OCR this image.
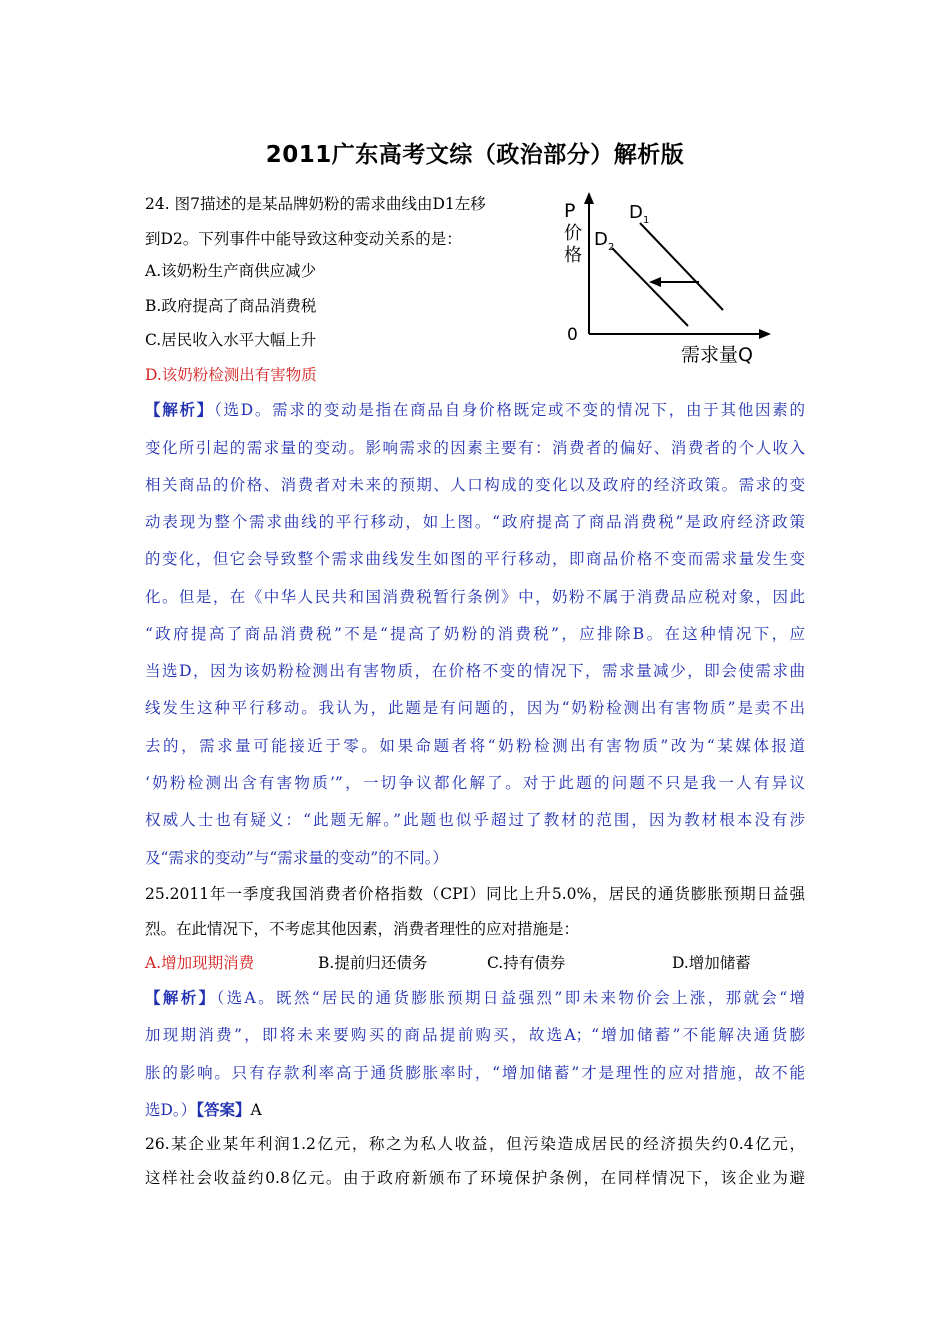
2011广东高考文综（政治部分）解析版
24. 图7描述的是某品牌奶粉的需求曲线由D1左移
到D2。下列事件中能导致这种变动关系的是：
A.该奶粉生产商供应减少
B.政府提高了商品消费税
C.居民收入水平大幅上升
D.该奶粉检测出有害物质
P
价
格
0
需求量Q
D 1
D 2
【解析】（选D。需求的变动是指在商品自身价格既定或不变的情况下，由于其他因素的
变化所引起的需求量的变动。影响需求的因素主要有：消费者的偏好、消费者的个人收入
相关商品的价格、消费者对未来的预期、人口构成的变化以及政府的经济政策。需求的变
动表现为整个需求曲线的平行移动，如上图。“政府提高了商品消费税”是政府经济政策
的变化，但它会导致整个需求曲线发生如图的平行移动，即商品价格不变而需求量发生变
化。但是，在《中华人民共和国消费税暂行条例》中，奶粉不属于消费品应税对象，因此
“政府提高了商品消费税”不是“提高了奶粉的消费税”，应排除B。在这种情况下，应
当选D，因为该奶粉检测出有害物质，在价格不变的情况下，需求量减少，即会使需求曲
线发生这种平行移动。我认为，此题是有问题的，因为“奶粉检测出有害物质”是卖不出
去的，需求量可能接近于零。如果命题者将“奶粉检测出有害物质”改为“某媒体报道
‘奶粉检测出含有害物质’”，一切争议都化解了。对于此题的问题不只是我一人有异议
权威人士也有疑义：“此题无解。”此题也似乎超过了教材的范围，因为教材根本没有涉
及“需求的变动”与“需求量的变动”的不同。）
25.2011年一季度我国消费者价格指数（CPI）同比上升5.0%，居民的通货膨胀预期日益强
烈。在此情况下，不考虑其他因素，消费者理性的应对措施是：
A.增加现期消费	B.提前归还债务	C.持有债券	D.增加储蓄
【解析】（选A。既然“居民的通货膨胀预期日益强烈”即未来物价会上涨，那就会“增
加现期消费”，即将未来要购买的商品提前购买，故选A；“增加储蓄”不能解决通货膨
胀的影响。只有存款利率高于通货膨胀率时，“增加储蓄”才是理性的应对措施，故不能
选D。）【答案】A
26.某企业某年利润1.2亿元，称之为私人收益，但污染造成居民的经济损失约0.4亿元，
这样社会收益约0.8亿元。由于政府新颁布了环境保护条例，在同样情况下，该企业为避
